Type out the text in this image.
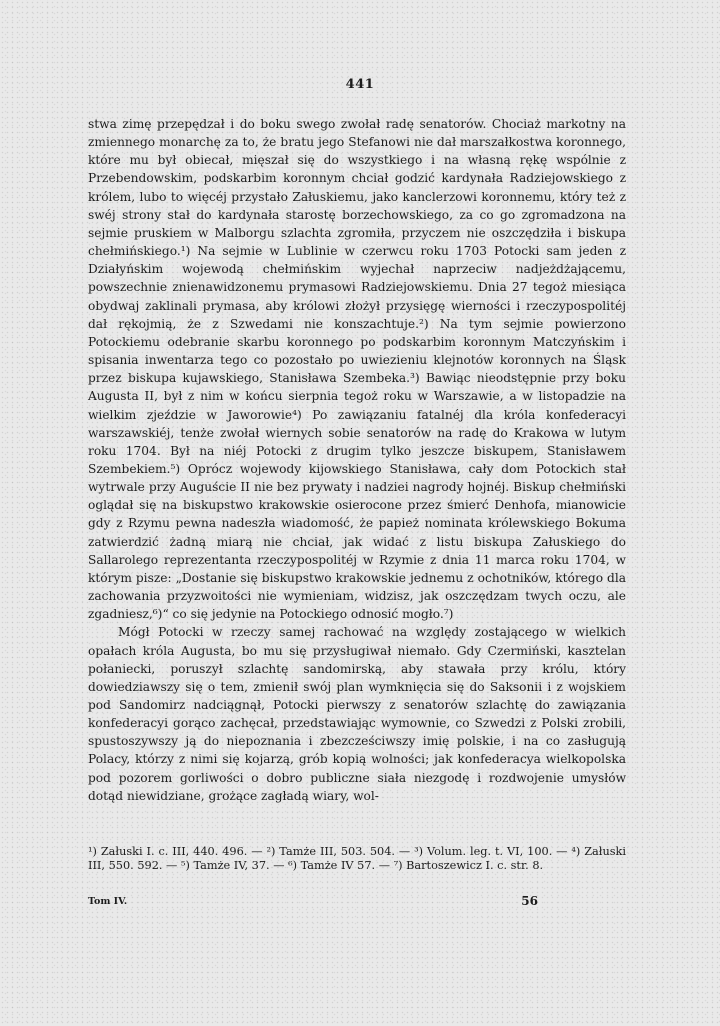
441

stwa zimę przepędzał i do boku swego zwołał radę senatorów. Chociaż markotny na zmiennego monarchę za to, że bratu jego Stefanowi nie dał marszałkostwa koronnego, które mu był obiecał, mięszał się do wszystkiego i na własną rękę wspólnie z Przebendowskim, podskarbim koronnym chciał godzić kardynała Radziejowskiego z królem, lubo to więcéj przystało Załuskiemu, jako kanclerzowi koronnemu, który też z swéj strony stał do kardynała starostę borzechowskiego, za co go zgromadzona na sejmie pruskiem w Malborgu szlachta zgromiła, przyczem nie oszczędziła i biskupa chełmińskiego.¹) Na sejmie w Lublinie w czerwcu roku 1703 Potocki sam jeden z Działyńskim wojewodą chełmińskim wyjechał naprzeciw nadjeżdżającemu, powszechnie znienawidzonemu prymasowi Radziejowskiemu. Dnia 27 tegoż miesiąca obydwaj zaklinali prymasa, aby królowi złożył przysięgę wierności i rzeczypospolitéj dał rękojmią, że z Szwedami nie konszachtuje.²) Na tym sejmie powierzono Potockiemu odebranie skarbu koronnego po podskarbim koronnym Matczyńskim i spisania inwentarza tego co pozostało po uwiezieniu klejnotów koronnych na Śląsk przez biskupa kujawskiego, Stanisława Szembeka.³) Bawiąc nieodstępnie przy boku Augusta II, był z nim w końcu sierpnia tegoż roku w Warszawie, a w listopadzie na wielkim zjeździe w Jaworowie⁴) Po zawiązaniu fatalnéj dla króla konfederacyi warszawskiéj, tenże zwołał wiernych sobie senatorów na radę do Krakowa w lutym roku 1704. Był na niéj Potocki z drugim tylko jeszcze biskupem, Stanisławem Szembekiem.⁵) Oprócz wojewody kijowskiego Stanisława, cały dom Potockich stał wytrwale przy Auguście II nie bez prywaty i nadziei nagrody hojnéj. Biskup chełmiński oglądał się na biskupstwo krakowskie osierocone przez śmierć Denhofa, mianowicie gdy z Rzymu pewna nadeszła wiadomość, że papież nominata królewskiego Bokuma zatwierdzić żadną miarą nie chciał, jak widać z listu biskupa Załuskiego do Sallarolego reprezentanta rzeczypospolitéj w Rzymie z dnia 11 marca roku 1704, w którym pisze: „Dostanie się biskupstwo krakowskie jednemu z ochotników, którego dla zachowania przyzwoitości nie wymieniam, widzisz, jak oszczędzam twych oczu, ale zgadniesz,⁶)“ co się jedynie na Potockiego odnosić mogło.⁷)

Mógł Potocki w rzeczy samej rachować na względy zostającego w wielkich opałach króla Augusta, bo mu się przysługiwał niemało. Gdy Czermiński, kasztelan połaniecki, poruszył szlachtę sandomirską, aby stawała przy królu, który dowiedziawszy się o tem, zmienił swój plan wymknięcia się do Saksonii i z wojskiem pod Sandomirz nadciągnął, Potocki pierwszy z senatorów szlachtę do zawiązania konfederacyi gorąco zachęcał, przedstawiając wymownie, co Szwedzi z Polski zrobili, spustoszywszy ją do niepoznania i zbezcześciwszy imię polskie, i na co zasługują Polacy, którzy z nimi się kojarzą, grób kopią wolności; jak konfederacya wielkopolska pod pozorem gorliwości o dobro publiczne siała niezgodę i rozdwojenie umysłów dotąd niewidziane, grożące zagładą wiary, wol-

¹) Załuski I. c. III, 440. 496. — ²) Tamże III, 503. 504. — ³) Volum. leg. t. VI, 100. — ⁴) Załuski III, 550. 592. — ⁵) Tamże IV, 37. — ⁶) Tamże IV 57. — ⁷) Bartoszewicz I. c. str. 8.
Tom IV.	56
